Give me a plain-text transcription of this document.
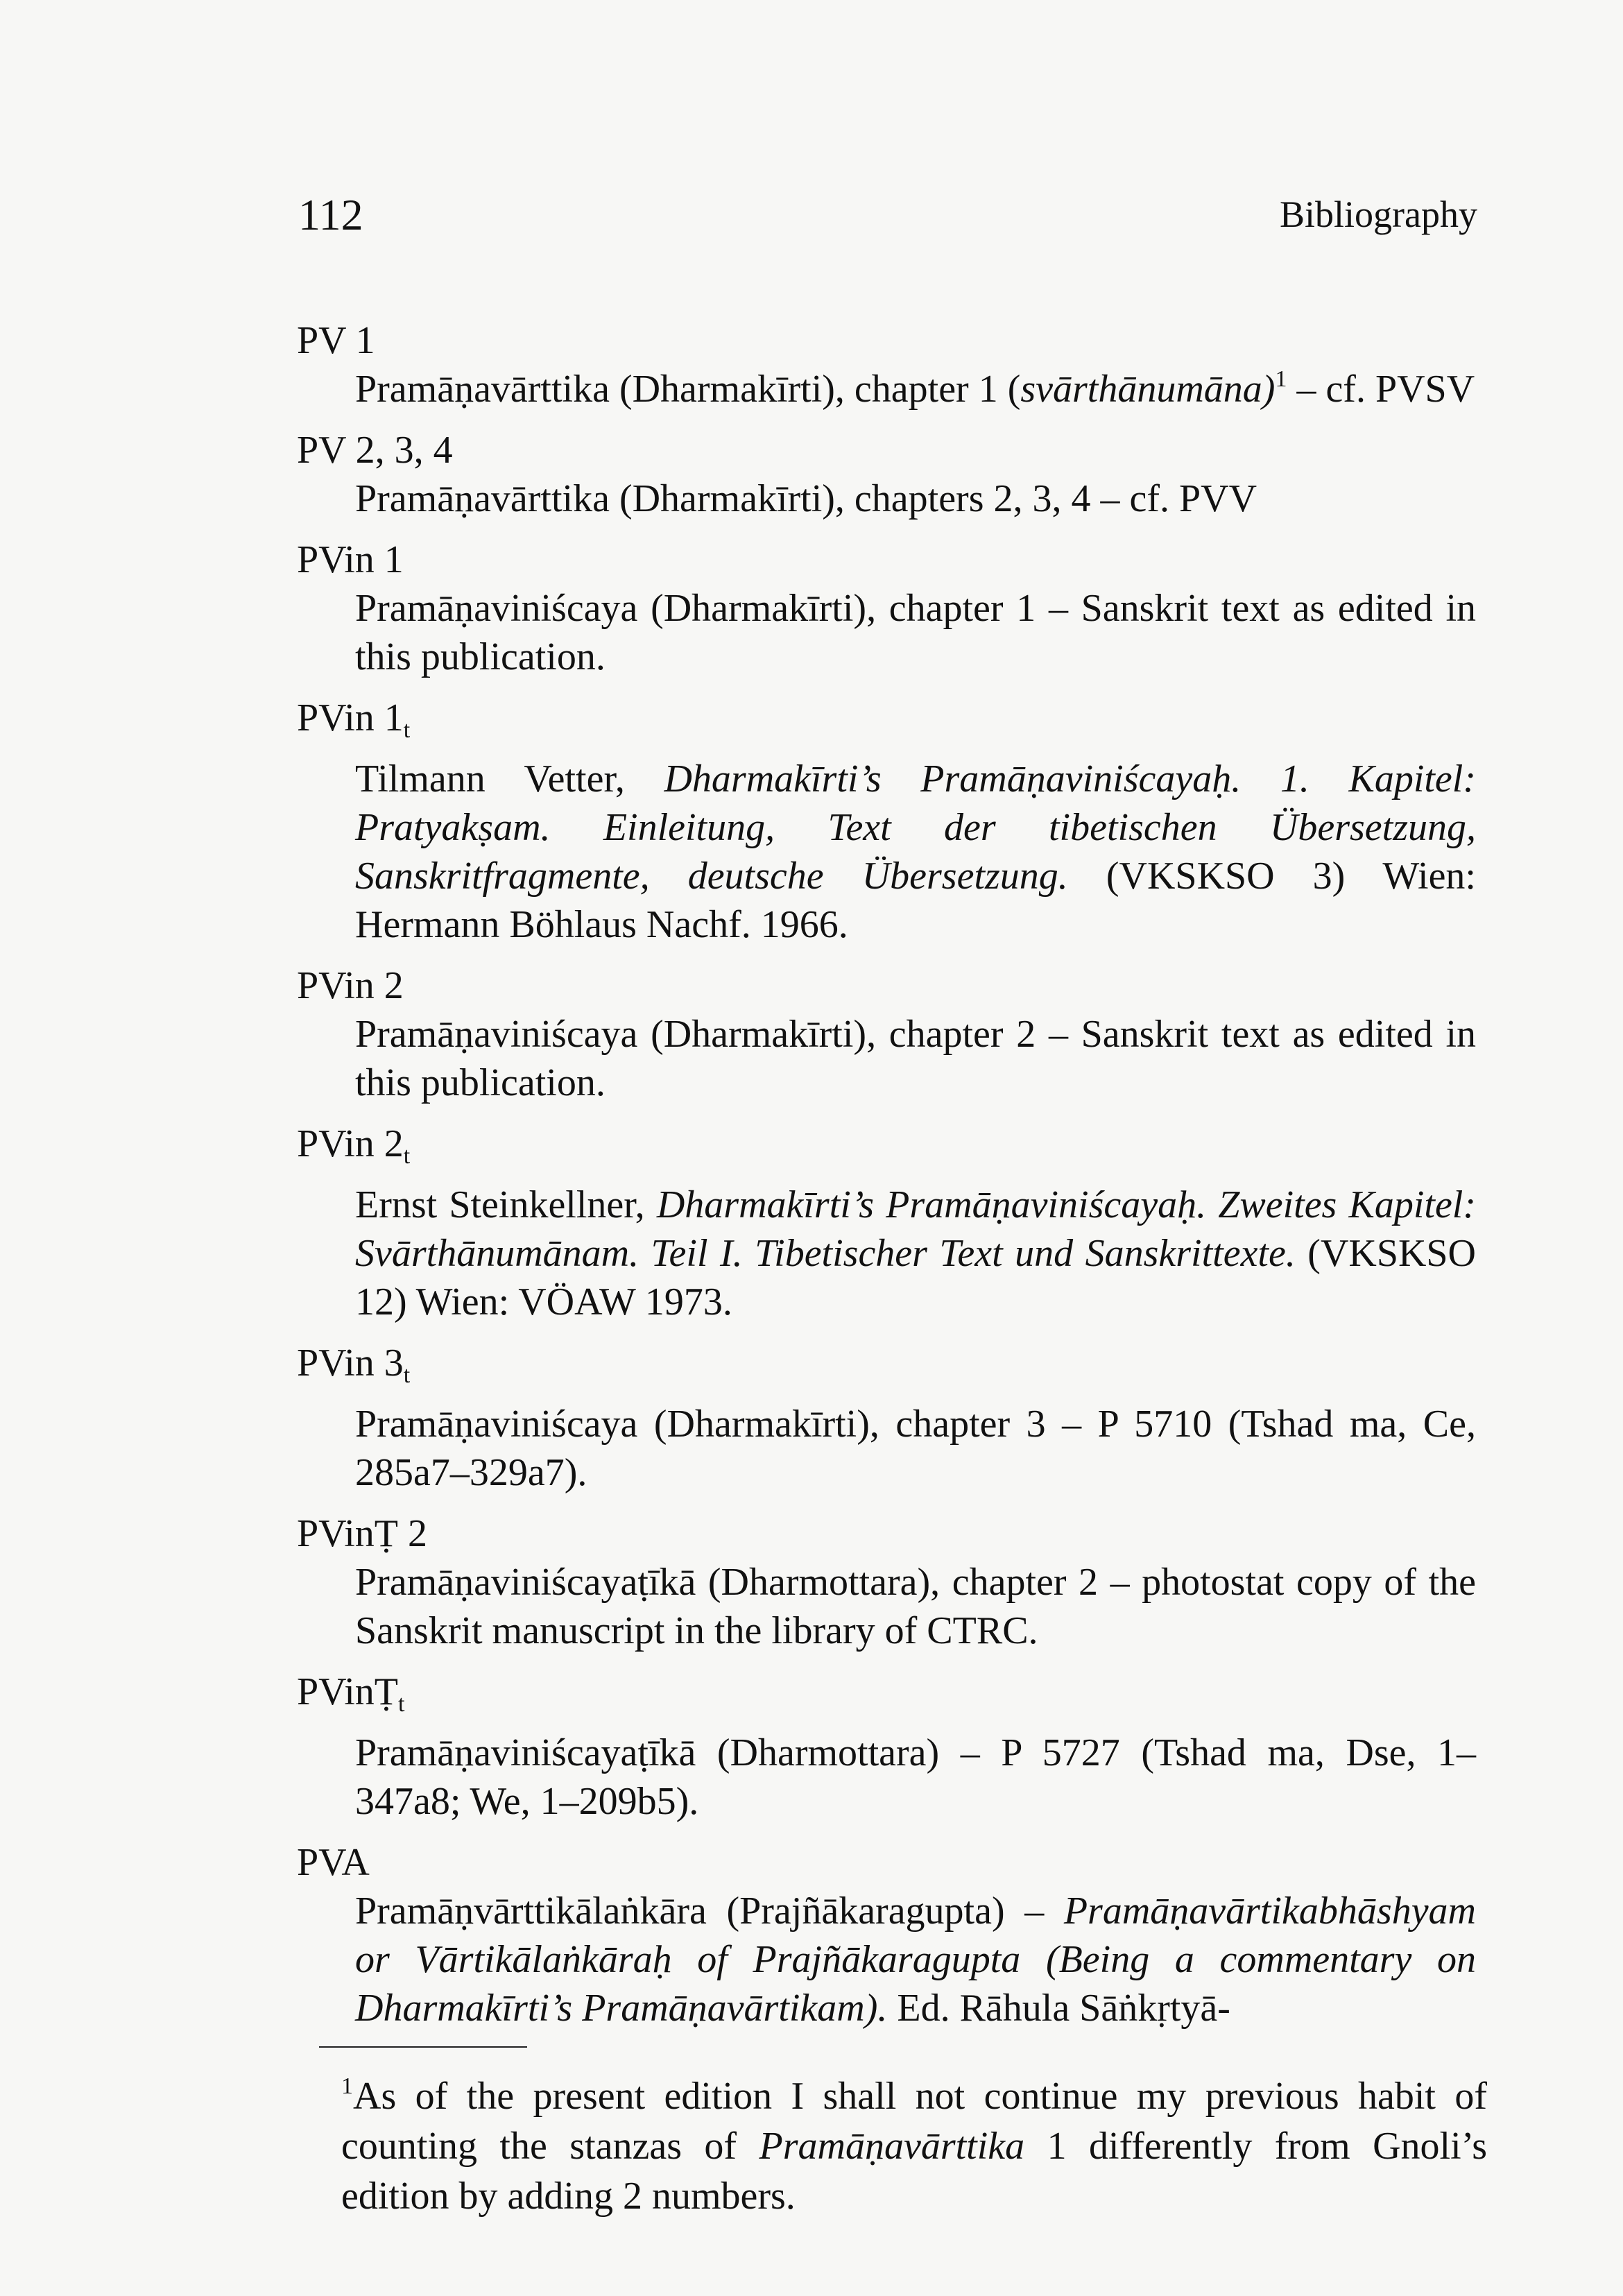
112	Bibliography
PV 1
Pramāṇavārttika (Dharmakīrti), chapter 1 (svārthānumāna)$^1$ – cf. PVSV
PV 2, 3, 4
Pramāṇavārttika (Dharmakīrti), chapters 2, 3, 4 – cf. PVV
PVin 1
Pramāṇaviniścaya (Dharmakīrti), chapter 1 – Sanskrit text as edited in this publication.
PVin $1_t$
Tilmann Vetter, Dharmakīrti’s Pramāṇaviniścayaḥ. 1. Kapitel: Pratyakṣam. Einleitung, Text der tibetischen Übersetzung, Sanskritfragmente, deutsche Übersetzung. (VKSKSO 3) Wien: Hermann Böhlaus Nachf. 1966.
PVin 2
Pramāṇaviniścaya (Dharmakīrti), chapter 2 – Sanskrit text as edited in this publication.
PVin $2_t$
Ernst Steinkellner, Dharmakīrti’s Pramāṇaviniścayaḥ. Zweites Kapitel: Svārthānumānam. Teil I. Tibetischer Text und Sanskrittexte. (VKSKSO 12) Wien: VÖAW 1973.
PVin $3_t$
Pramāṇaviniścaya (Dharmakīrti), chapter 3 – P 5710 (Tshad ma, Ce, 285a7–329a7).
PVinṬ 2
Pramāṇaviniścayaṭīkā (Dharmottara), chapter 2 – photostat copy of the Sanskrit manuscript in the library of CTRC.
PVinṬ$_t$
Pramāṇaviniścayaṭīkā (Dharmottara) – P 5727 (Tshad ma, Dse, 1–347a8; We, 1–209b5).
PVA
Pramāṇvārttikālaṅkāra (Prajñākaragupta) – Pramāṇavārtikabhāshyam or Vārtikālaṅkāraḥ of Prajñākaragupta (Being a commentary on Dharmakīrti’s Pramāṇavārtikam). Ed. Rāhula Sāṅkṛtyā-
$^1$As of the present edition I shall not continue my previous habit of counting the stanzas of Pramāṇavārttika 1 differently from Gnoli’s edition by adding 2 numbers.
